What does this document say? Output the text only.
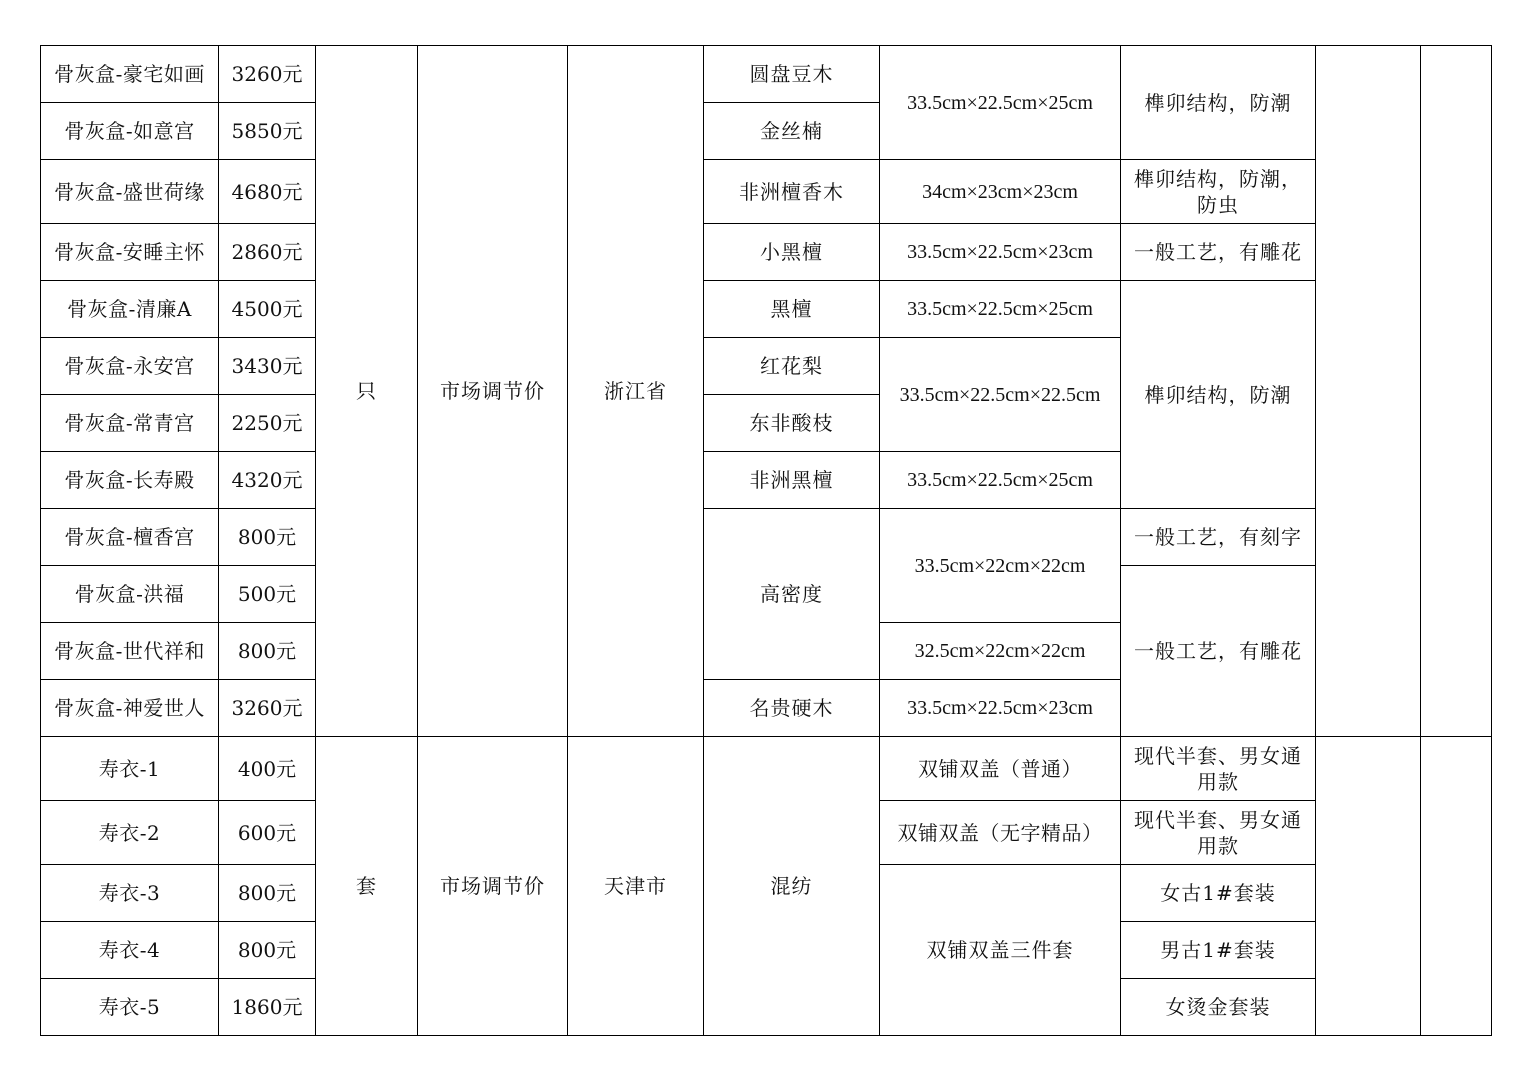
骨灰盒-豪宅如画	3260元	只	市场调节价	浙江省	圆盘豆木	33.5cm×22.5cm×25cm	榫卯结构，防潮		
骨灰盒-如意宫	5850元				金丝楠				
骨灰盒-盛世荷缘	4680元				非洲檀香木	34cm×23cm×23cm	榫卯结构，防潮，防虫		
骨灰盒-安睡主怀	2860元				小黑檀	33.5cm×22.5cm×23cm	一般工艺，有雕花		
骨灰盒-清廉A	4500元				黑檀	33.5cm×22.5cm×25cm	榫卯结构，防潮		
骨灰盒-永安宫	3430元				红花梨	33.5cm×22.5cm×22.5cm			
骨灰盒-常青宫	2250元				东非酸枝				
骨灰盒-长寿殿	4320元				非洲黑檀	33.5cm×22.5cm×25cm			
骨灰盒-檀香宫	800元				高密度	33.5cm×22cm×22cm	一般工艺，有刻字		
骨灰盒-洪福	500元						一般工艺，有雕花		
骨灰盒-世代祥和	800元					32.5cm×22cm×22cm			
骨灰盒-神爱世人	3260元				名贵硬木	33.5cm×22.5cm×23cm			
寿衣-1	400元	套	市场调节价	天津市	混纺	双铺双盖（普通）	现代半套、男女通用款		
寿衣-2	600元					双铺双盖（无字精品）	现代半套、男女通用款		
寿衣-3	800元					双铺双盖三件套	女古1#套装		
寿衣-4	800元						男古1#套装		
寿衣-5	1860元						女烫金套装		
